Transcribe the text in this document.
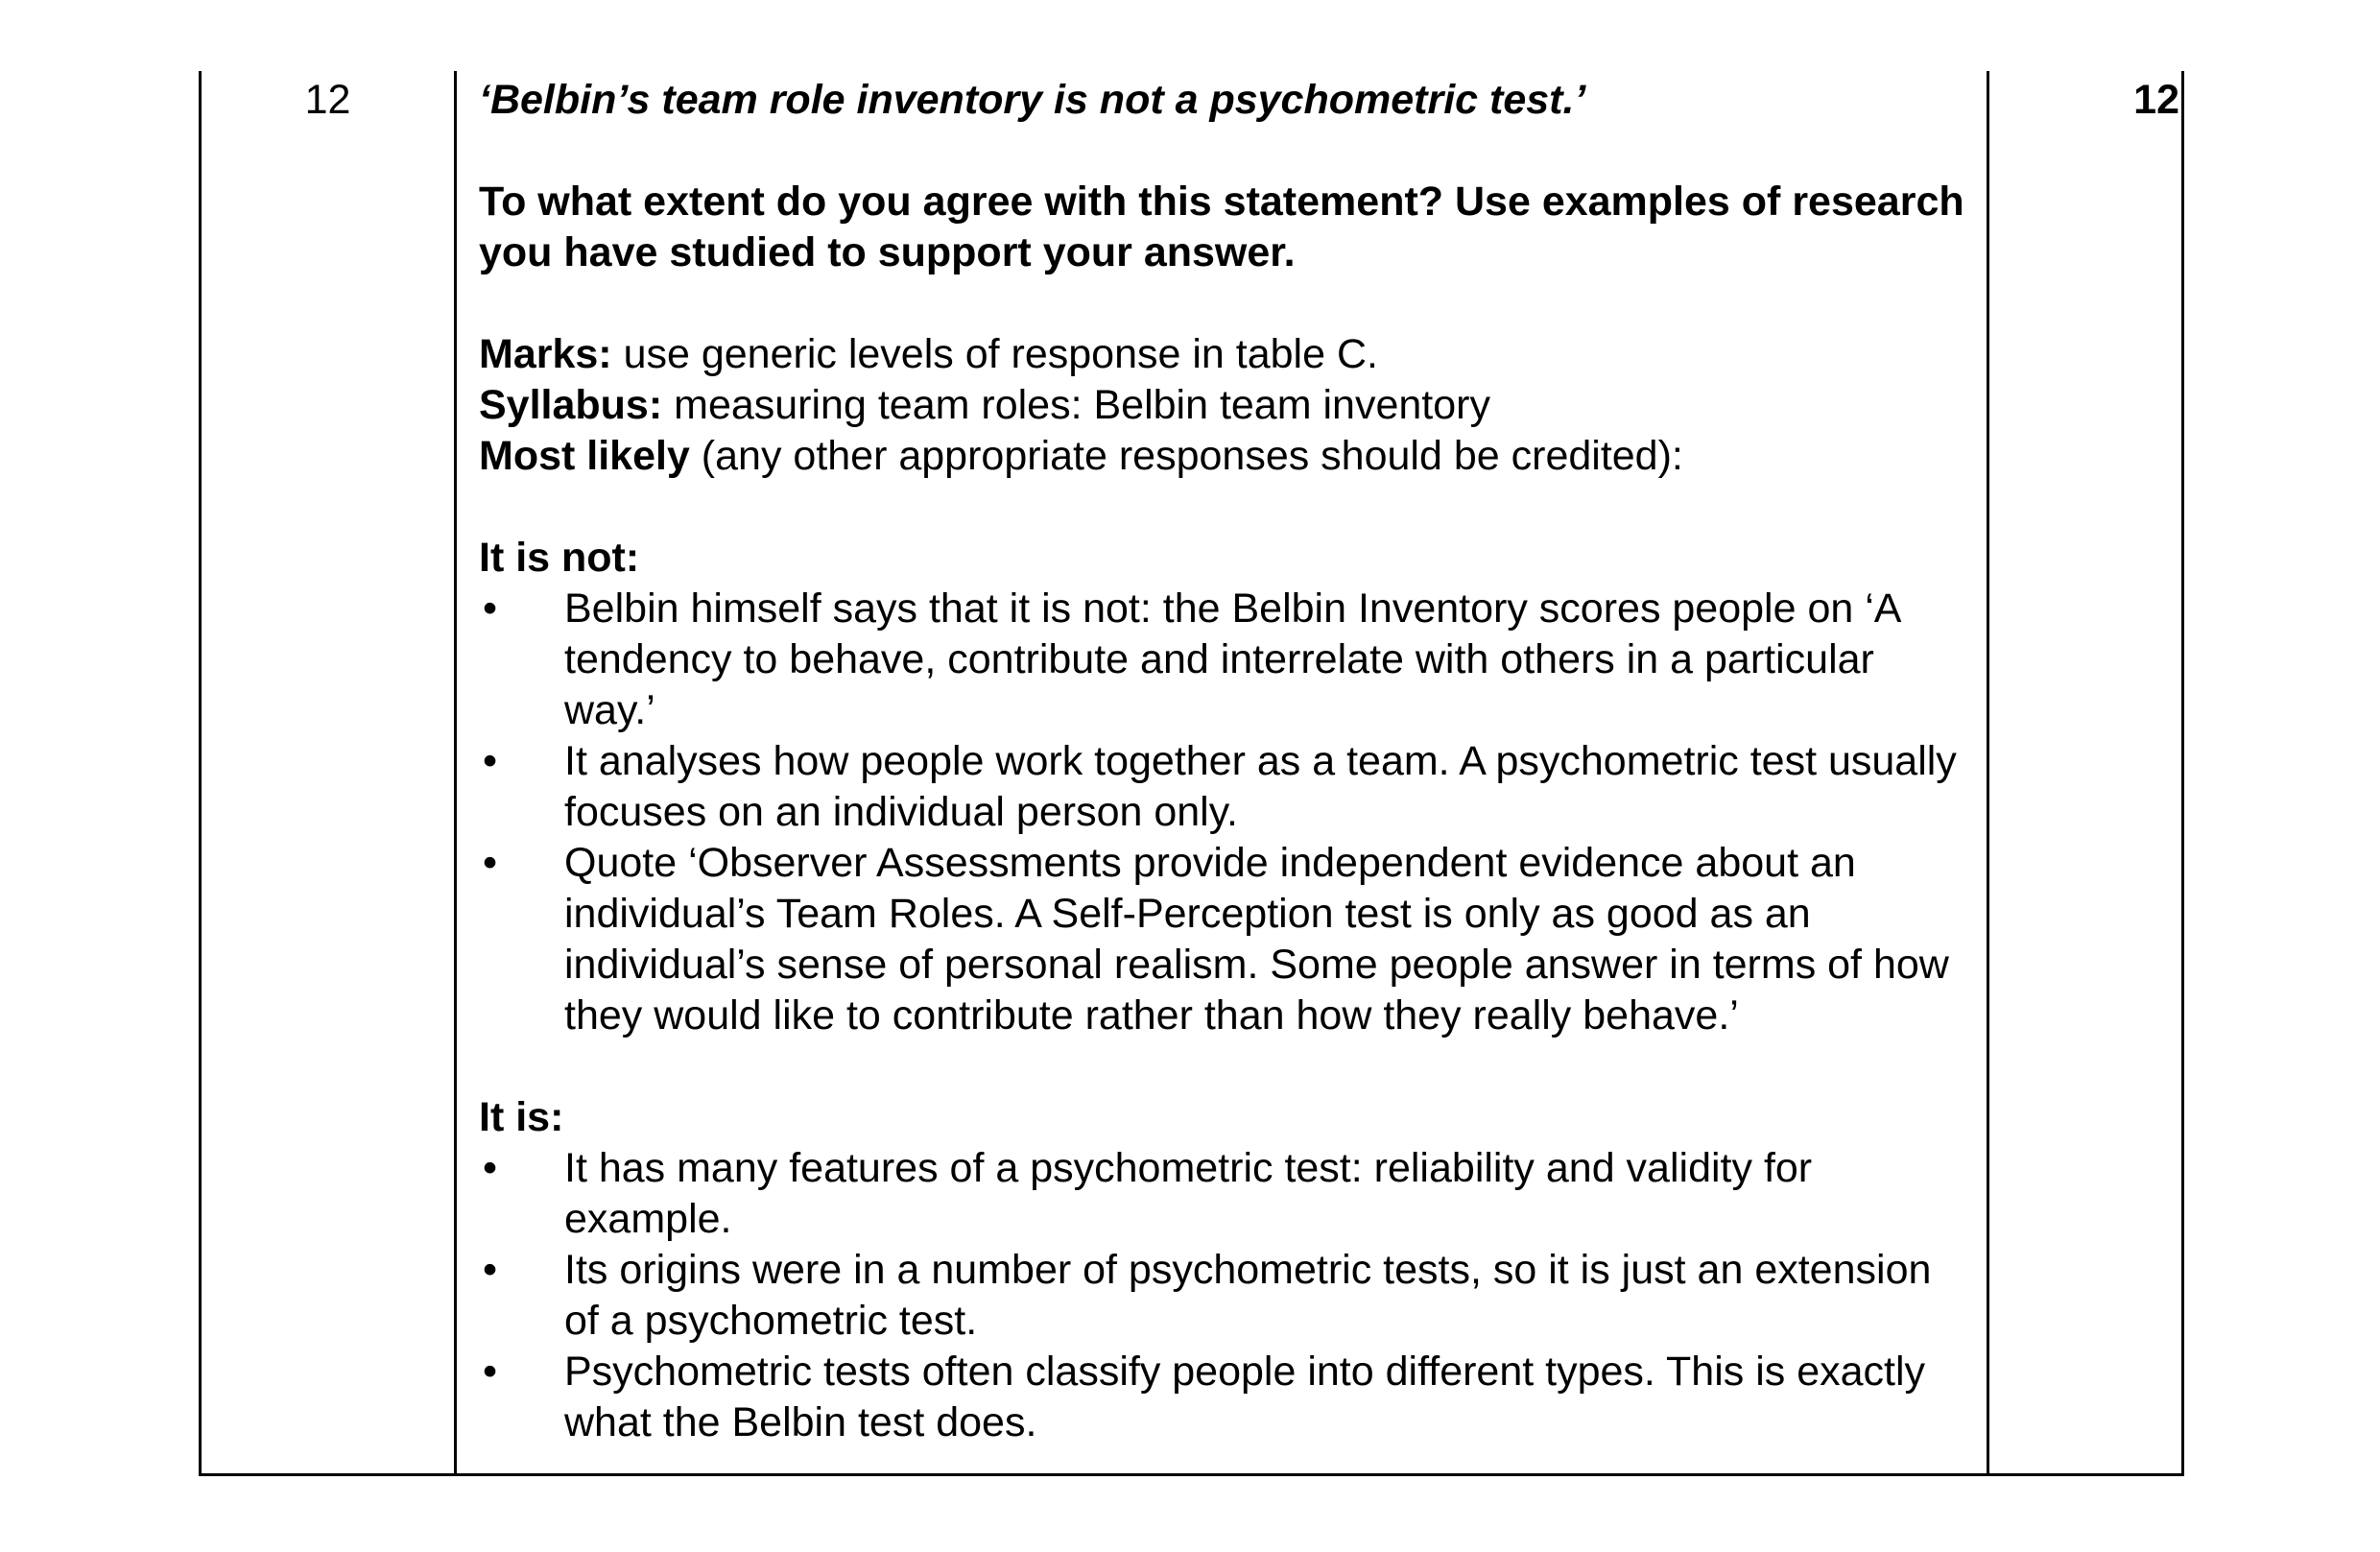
12	‘Belbin’s team role inventory is not a psychometric test.’

To what extent do you agree with this statement? Use examples of research you have studied to support your answer.

Marks: use generic levels of response in table C.

Syllabus: measuring team roles: Belbin team inventory

Most likely (any other appropriate responses should be credited):

It is not:

• Belbin himself says that it is not: the Belbin Inventory scores people on ‘A tendency to behave, contribute and interrelate with others in a particular way.’
• It analyses how people work together as a team. A psychometric test usually focuses on an individual person only.
• Quote ‘Observer Assessments provide independent evidence about an individual’s Team Roles. A Self-Perception test is only as good as an individual’s sense of personal realism. Some people answer in terms of how they would like to contribute rather than how they really behave.’

It is:

• It has many features of a psychometric test: reliability and validity for example.
• Its origins were in a number of psychometric tests, so it is just an extension of a psychometric test.
• Psychometric tests often classify people into different types. This is exactly what the Belbin test does.
12
